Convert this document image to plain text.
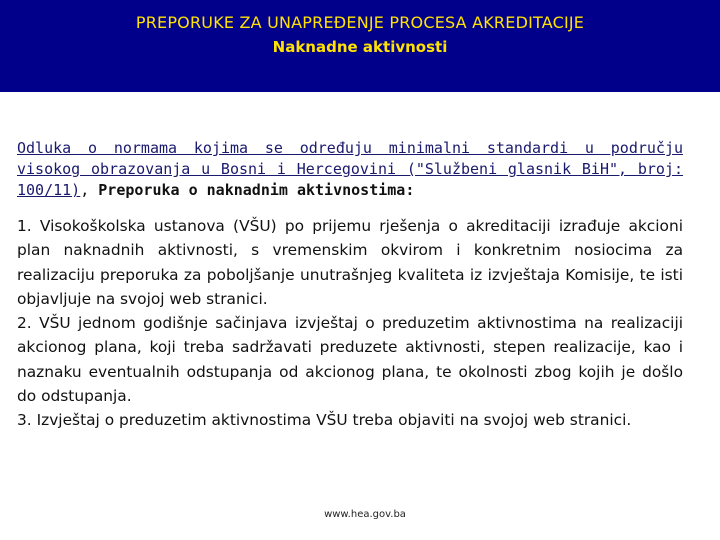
PREPORUKE ZA UNAPREĐENJE PROCESA AKREDITACIJE
Naknadne aktivnosti

Odluka o normama kojima se određuju minimalni standardi u području visokog obrazovanja u Bosni i Hercegovini ("Službeni glasnik BiH", broj: 100/11), Preporuka o naknadnim aktivnostima:

1. Visokoškolska ustanova (VŠU) po prijemu rješenja o akreditaciji izrađuje akcioni plan naknadnih aktivnosti, s vremenskim okvirom i konkretnim nosiocima za realizaciju preporuka za poboljšanje unutrašnjeg kvaliteta iz izvještaja Komisije, te isti objavljuje na svojoj web stranici.

2. VŠU jednom godišnje sačinjava izvještaj o preduzetim aktivnostima na realizaciji akcionog plana, koji treba sadržavati preduzete aktivnosti, stepen realizacije, kao i naznaku eventualnih odstupanja od akcionog plana, te okolnosti zbog kojih je došlo do odstupanja.

3. Izvještaj o preduzetim aktivnostima VŠU treba objaviti na svojoj web stranici.

www.hea.gov.ba
